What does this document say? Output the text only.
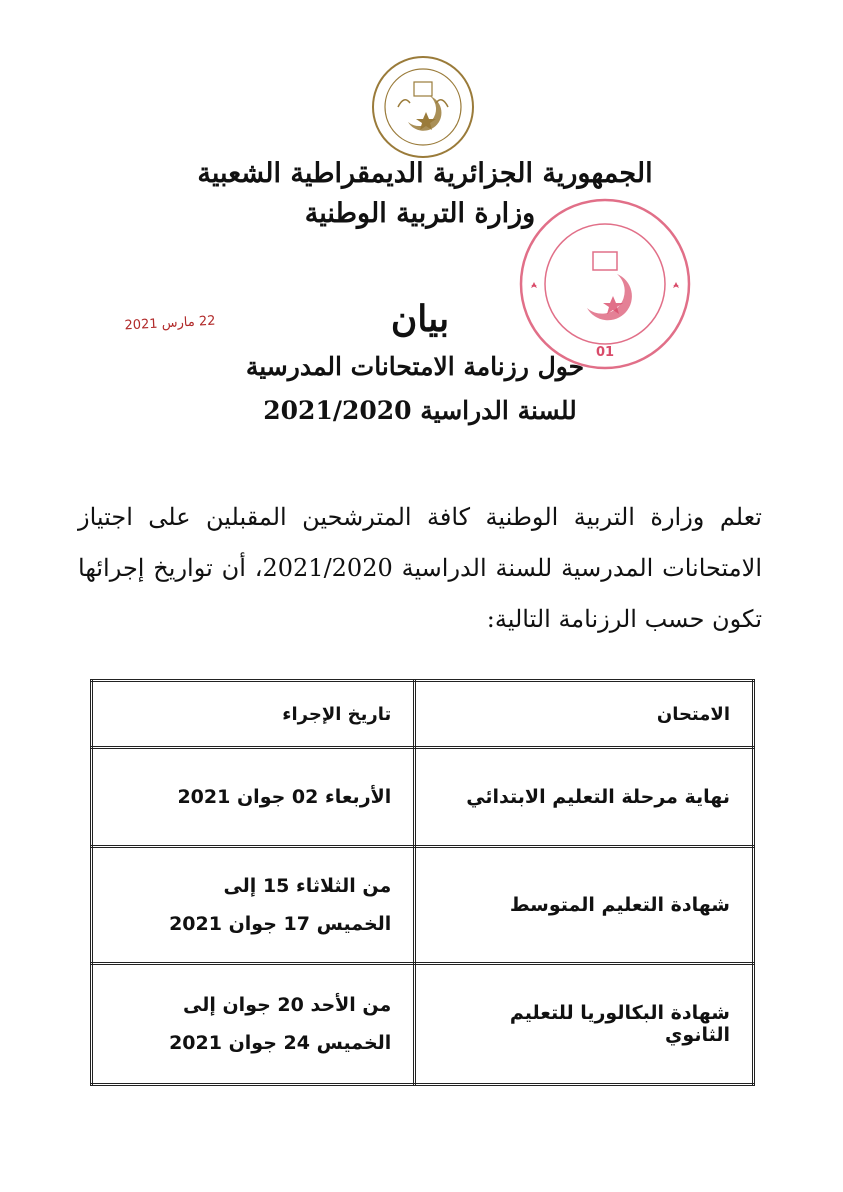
الجمهورية الجزائرية الديمقراطية الشعبية
وزارة التربية الوطنية
01
22 مارس 2021	بيان
حول رزنامة الامتحانات المدرسية
للسنة الدراسية 2021/2020
تعلم وزارة التربية الوطنية كافة المترشحين المقبلين على اجتياز الامتحانات المدرسية للسنة الدراسية 2021/2020، أن تواريخ إجرائها تكون حسب الرزنامة التالية:
الامتحان	تاريخ الإجراء
نهاية مرحلة التعليم الابتدائي	الأربعاء 02 جوان 2021

شهادة التعليم المتوسط	من الثلاثاء 15 إلى
الخميس 17 جوان 2021

شهادة البكالوريا للتعليم الثانوي	من الأحد 20 جوان إلى
الخميس 24 جوان 2021
